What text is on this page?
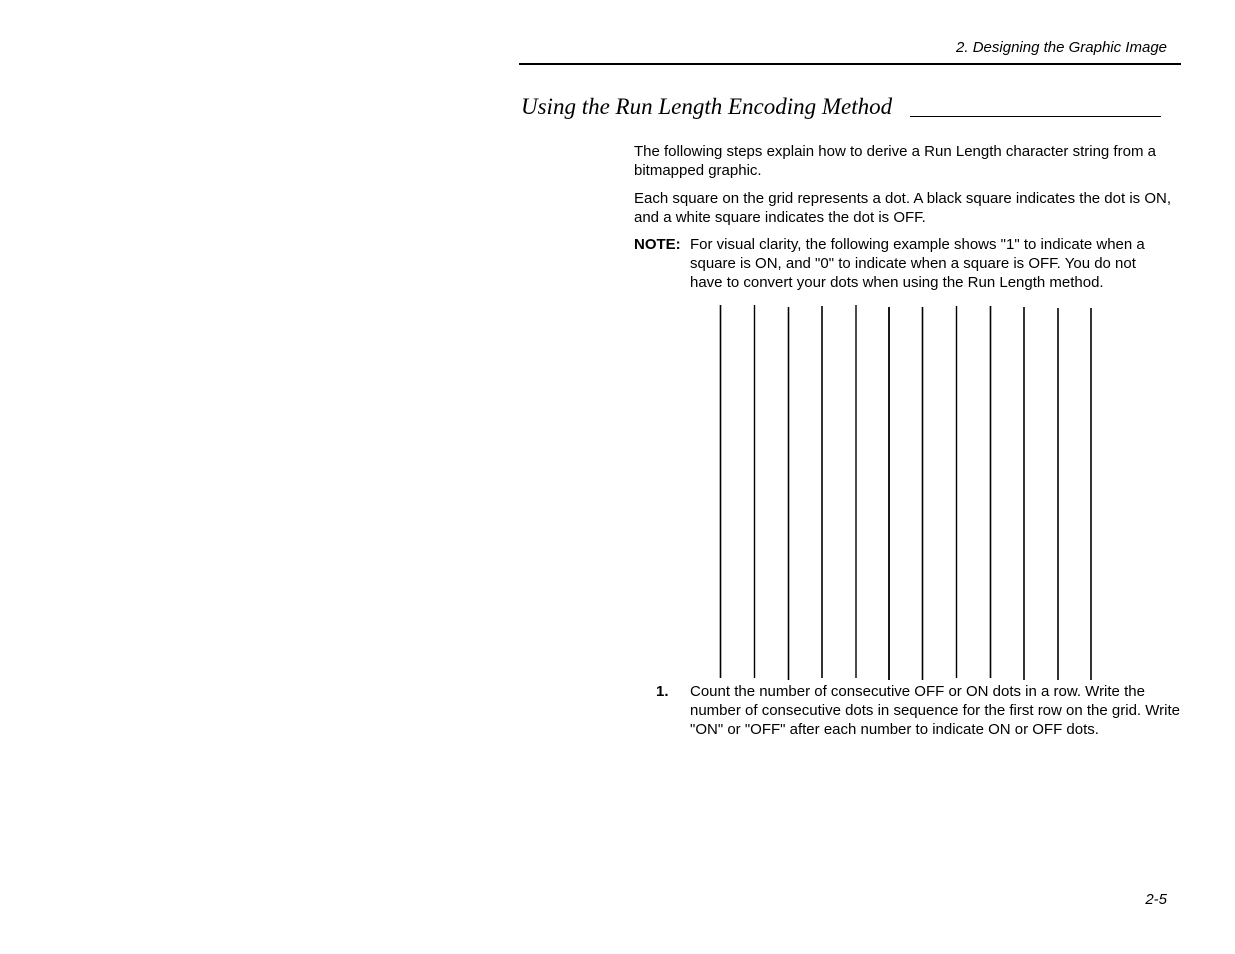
2. Designing the Graphic Image
Using the Run Length Encoding Method

The following steps explain how to derive a Run Length character string from a bitmapped graphic.

Each square on the grid represents a dot. A black square indicates the dot is ON, and a white square indicates the dot is OFF.

NOTE: For visual clarity, the following example shows "1" to indicate when a square is ON, and "0" to indicate when a square is OFF. You do not have to convert your dots when using the Run Length method.
1. Count the number of consecutive OFF or ON dots in a row. Write the number of consecutive dots in sequence for the first row on the grid. Write "ON" or "OFF" after each number to indicate ON or OFF dots.
2-5
